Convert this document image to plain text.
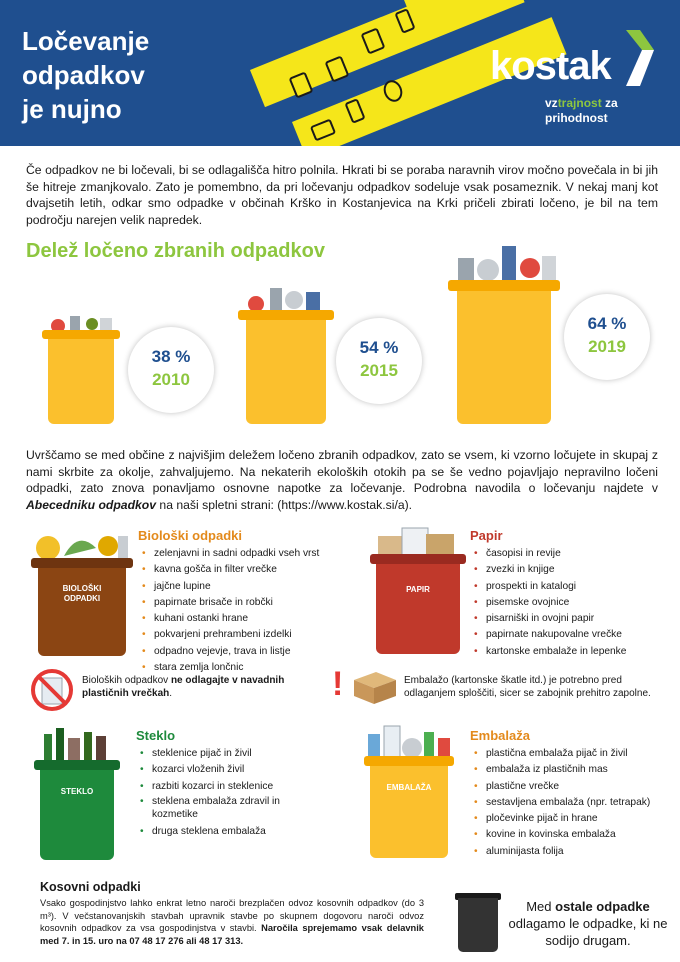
Ločevanje
odpadkov
je nujno
kostak
vztrajnost za
prihodnost

Če odpadkov ne bi ločevali, bi se odlagališča hitro polnila. Hkrati bi se poraba naravnih virov močno povečala in bi jih še hitreje zmanjkovalo. Zato je pomembno, da pri ločevanju odpadkov sodeluje vsak posameznik. V nekaj manj kot dvajsetih letih, odkar smo odpadke v občinah Krško in Kostanjevica na Krki pričeli zbirati ločeno, je bil na tem področju narejen velik napredek.

Delež ločeno zbranih odpadkov
38 %
2010
54 %
2015
64 %
2019

Uvrščamo se med občine z najvišjim deležem ločeno zbranih odpadkov, zato se vsem, ki vzorno ločujete in skupaj z nami skrbite za okolje, zahvaljujemo. Na nekaterih ekoloških otokih pa se še vedno pojavljajo nepravilno ločeni odpadki, zato znova ponavljamo osnovne napotke za ločevanje. Podrobna navodila o ločevanju najdete v Abecedniku odpadkov na naši spletni strani: (https://www.kostak.si/a).

BIOLOŠKI ODPADKI
Biološki odpadki
• zelenjavni in sadni odpadki vseh vrst
• kavna gošča in filter vrečke
• jajčne lupine
• papirnate brisače in robčki
• kuhani ostanki hrane
• pokvarjeni prehrambeni izdelki
• odpadno vejevje, trava in listje
• stara zemlja lončnic
Bioloških odpadkov ne odlagajte v navadnih plastičnih vrečkah.
PAPIR
Papir
• časopisi in revije
• zvezki in knjige
• prospekti in katalogi
• pisemske ovojnice
• pisarniški in ovojni papir
• papirnate nakupovalne vrečke
• kartonske embalaže in lepenke
!	Embalažo (kartonske škatle itd.) je potrebno pred odlaganjem sploščiti, sicer se zabojnik prehitro zapolne.
STEKLO
Steklo
• steklenice pijač in živil
• kozarci vloženih živil
• razbiti kozarci in steklenice
• steklena embalaža zdravil in kozmetike
• druga steklena embalaža
EMBALAŽA
Embalaža
• plastična embalaža pijač in živil
• embalaža iz plastičnih mas
• plastične vrečke
• sestavljena embalaža (npr. tetrapak)
• pločevinke pijač in hrane
• kovine in kovinska embalaža
• aluminijasta folija
Kosovni odpadki

Vsako gospodinjstvo lahko enkrat letno naroči brezplačen odvoz kosovnih odpadkov (do 3 m³). V večstanovanjskih stavbah upravnik stavbe po skupnem dogovoru naroči odvoz kosovnih odpadkov za vsa gospodinjstva v stavbi. Naročila sprejemamo vsak delavnik med 7. in 15. uro na 07 48 17 276 ali 48 17 313.

Med ostale odpadke odlagamo le odpadke, ki ne sodijo drugam.
